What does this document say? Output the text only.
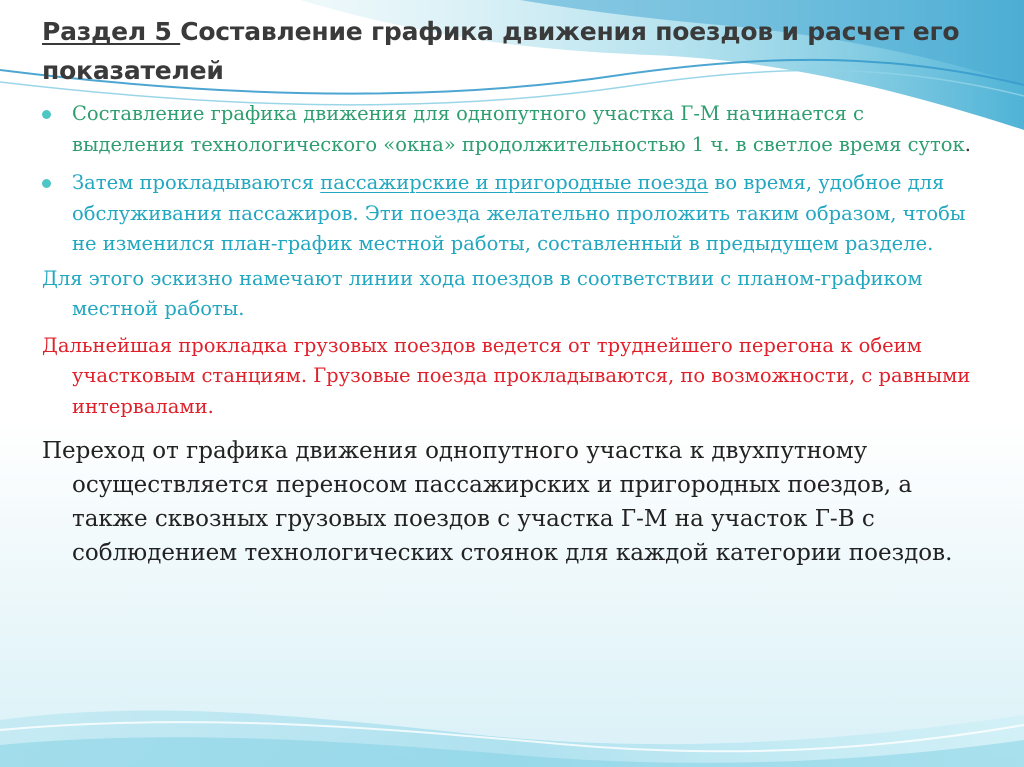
Раздел 5 Составление графика движения поездов и расчет его показателей

Составление графика движения для однопутного участка Г-М начинается с выделения технологического «окна» продолжительностью 1 ч. в светлое время суток.

Затем прокладываются пассажирские и пригородные поезда во время, удобное для обслуживания пассажиров. Эти поезда желательно проложить таким образом, чтобы не изменился план-график местной работы, составленный в предыдущем разделе.

Для этого эскизно намечают линии хода поездов в соответствии с планом-графиком местной работы.

Дальнейшая прокладка грузовых поездов ведется от труднейшего перегона к обеим участковым станциям. Грузовые поезда прокладываются, по возможности, с равными интервалами.

Переход от графика движения однопутного участка к двухпутному осуществляется переносом пассажирских и пригородных поездов, а также сквозных грузовых поездов с участка Г-М на участок Г-В с соблюдением технологических стоянок для каждой категории поездов.
